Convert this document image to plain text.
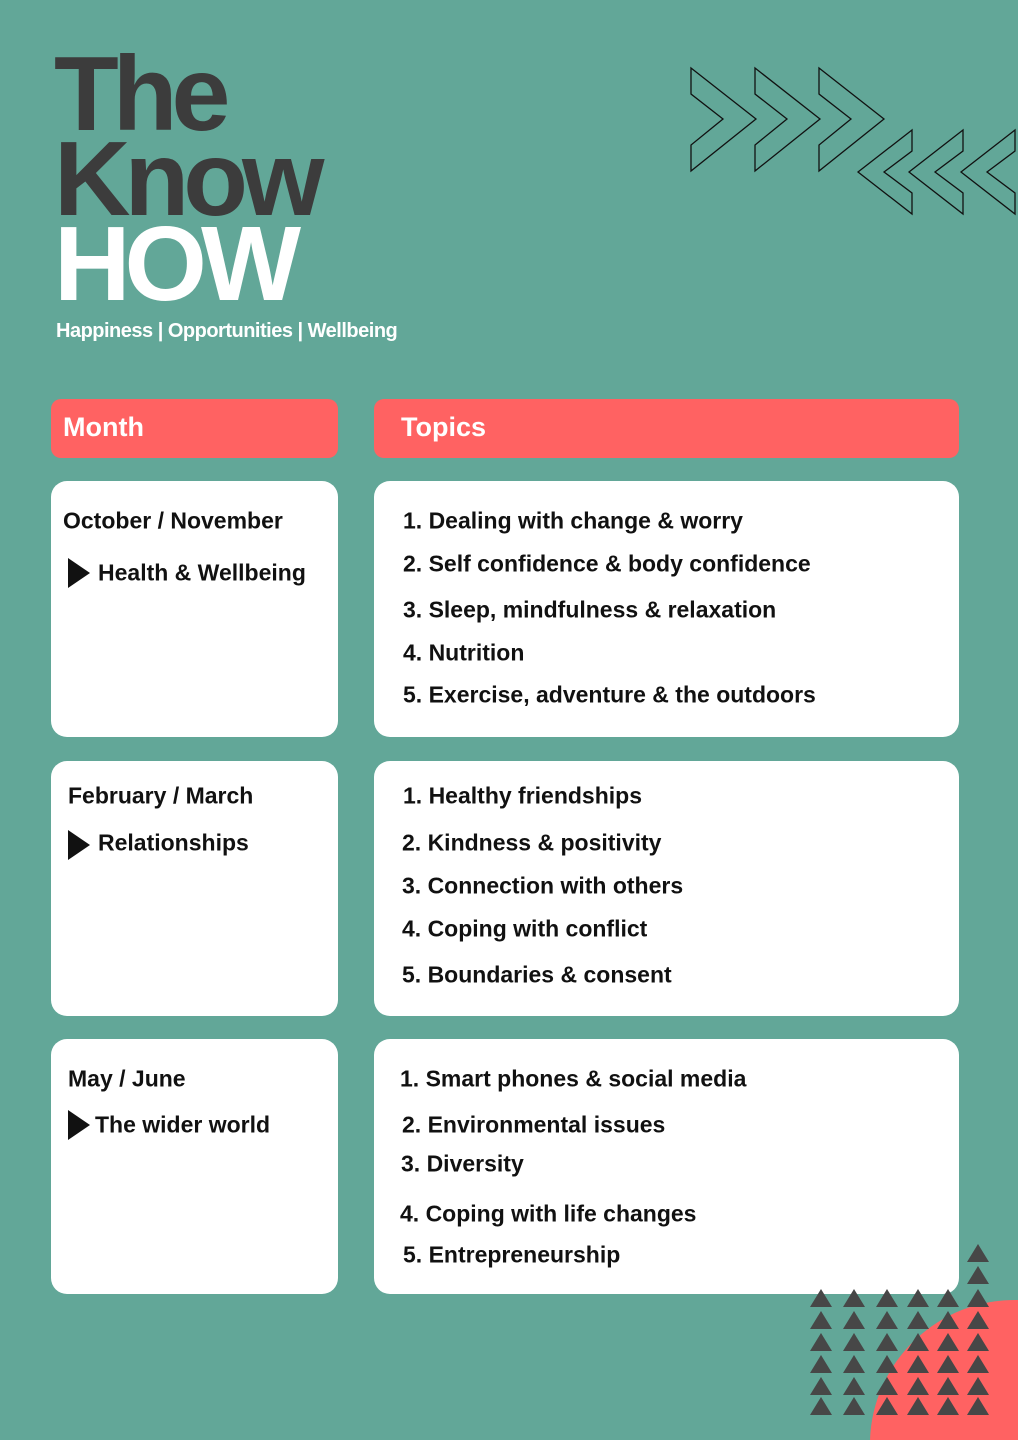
The
Know
HOW
Happiness | Opportunities | Wellbeing
Month	Topics
October / November
Health & Wellbeing
1. Dealing with change & worry
2. Self confidence & body confidence
3. Sleep, mindfulness & relaxation
4. Nutrition
5. Exercise, adventure & the outdoors
February / March
Relationships
1. Healthy friendships
2. Kindness & positivity
3. Connection with others
4. Coping with conflict
5. Boundaries & consent
May / June
The wider world
1. Smart phones & social media
2. Environmental issues
3. Diversity
4. Coping with life changes
5. Entrepreneurship
